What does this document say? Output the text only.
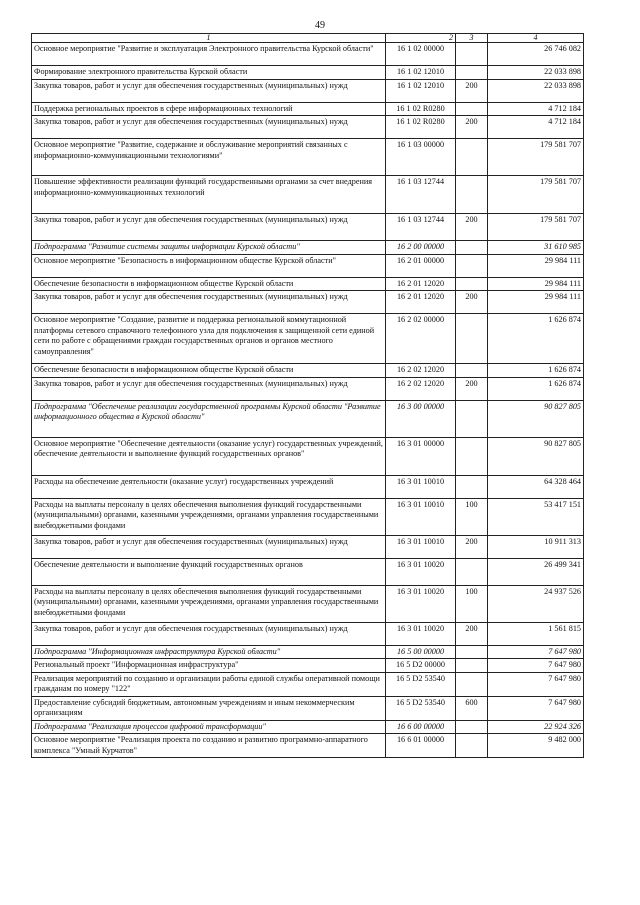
49
1	2	3	4
Основное мероприятие "Развитие и эксплуатация Электронного правительства Курской области"	16 1 02 00000		26 746 082
Формирование электронного правительства Курской области	16 1 02 12010		22 033 898
Закупка товаров, работ и услуг для обеспечения государственных (муниципальных) нужд	16 1 02 12010	200	22 033 898
Поддержка региональных проектов в сфере информационных технологий	16 1 02 R0280		4 712 184
Закупка товаров, работ и услуг для обеспечения государственных (муниципальных) нужд	16 1 02 R0280	200	4 712 184
Основное мероприятие "Развитие, содержание и обслуживание мероприятий связанных с информационно-коммуникационными технологиями"	16 1 03 00000		179 581 707
Повышение эффективности реализации функций государственными органами за счет внедрения информационно-коммуникационных технологий	16 1 03 12744		179 581 707
Закупка товаров, работ и услуг для обеспечения государственных (муниципальных) нужд	16 1 03 12744	200	179 581 707
Подпрограмма "Развитие системы защиты информации Курской области"	16 2 00 00000		31 610 985
Основное мероприятие "Безопасность в информационном обществе Курской области"	16 2 01 00000		29 984 111
Обеспечение безопасности в информационном обществе Курской области	16 2 01 12020		29 984 111
Закупка товаров, работ и услуг для обеспечения государственных (муниципальных) нужд	16 2 01 12020	200	29 984 111
Основное мероприятие "Создание, развитие и поддержка региональной коммутационной платформы сетевого справочного телефонного узла для подключения к защищенной сети единой сети по работе с обращениями граждан государственных органов и органов местного самоуправления"	16 2 02 00000		1 626 874
Обеспечение безопасности в информационном обществе Курской области	16 2 02 12020		1 626 874
Закупка товаров, работ и услуг для обеспечения государственных (муниципальных) нужд	16 2 02 12020	200	1 626 874
Подпрограмма "Обеспечение реализации государственной программы Курской области "Развитие информационного общества в Курской области"	16 3 00 00000		90 827 805
Основное мероприятие "Обеспечение деятельности (оказание услуг) государственных учреждений, обеспечение деятельности и выполнение функций государственных органов"	16 3 01 00000		90 827 805
Расходы на обеспечение деятельности (оказание услуг) государственных учреждений	16 3 01 10010		64 328 464
Расходы на выплаты персоналу в целях обеспечения выполнения функций государственными (муниципальными) органами, казенными учреждениями, органами управления государственными внебюджетными фондами	16 3 01 10010	100	53 417 151
Закупка товаров, работ и услуг для обеспечения государственных (муниципальных) нужд	16 3 01 10010	200	10 911 313
Обеспечение деятельности и выполнение функций государственных органов	16 3 01 10020		26 499 341
Расходы на выплаты персоналу в целях обеспечения выполнения функций государственными (муниципальными) органами, казенными учреждениями, органами управления государственными внебюджетными фондами	16 3 01 10020	100	24 937 526
Закупка товаров, работ и услуг для обеспечения государственных (муниципальных) нужд	16 3 01 10020	200	1 561 815
Подпрограмма "Информационная инфраструктура Курской области"	16 5 00 00000		7 647 980
Региональный проект "Информационная инфраструктура"	16 5 D2 00000		7 647 980
Реализация мероприятий по созданию и организации работы единой службы оперативной помощи гражданам по номеру "122"	16 5 D2 53540		7 647 980
Предоставление субсидий бюджетным, автономным учреждениям и иным некоммерческим организациям	16 5 D2 53540	600	7 647 980
Подпрограмма "Реализация процессов цифровой трансформации"	16 6 00 00000		22 924 326
Основное мероприятие "Реализация проекта по созданию и развитию программно-аппаратного комплекса "Умный Курчатов"	16 6 01 00000		9 482 000
